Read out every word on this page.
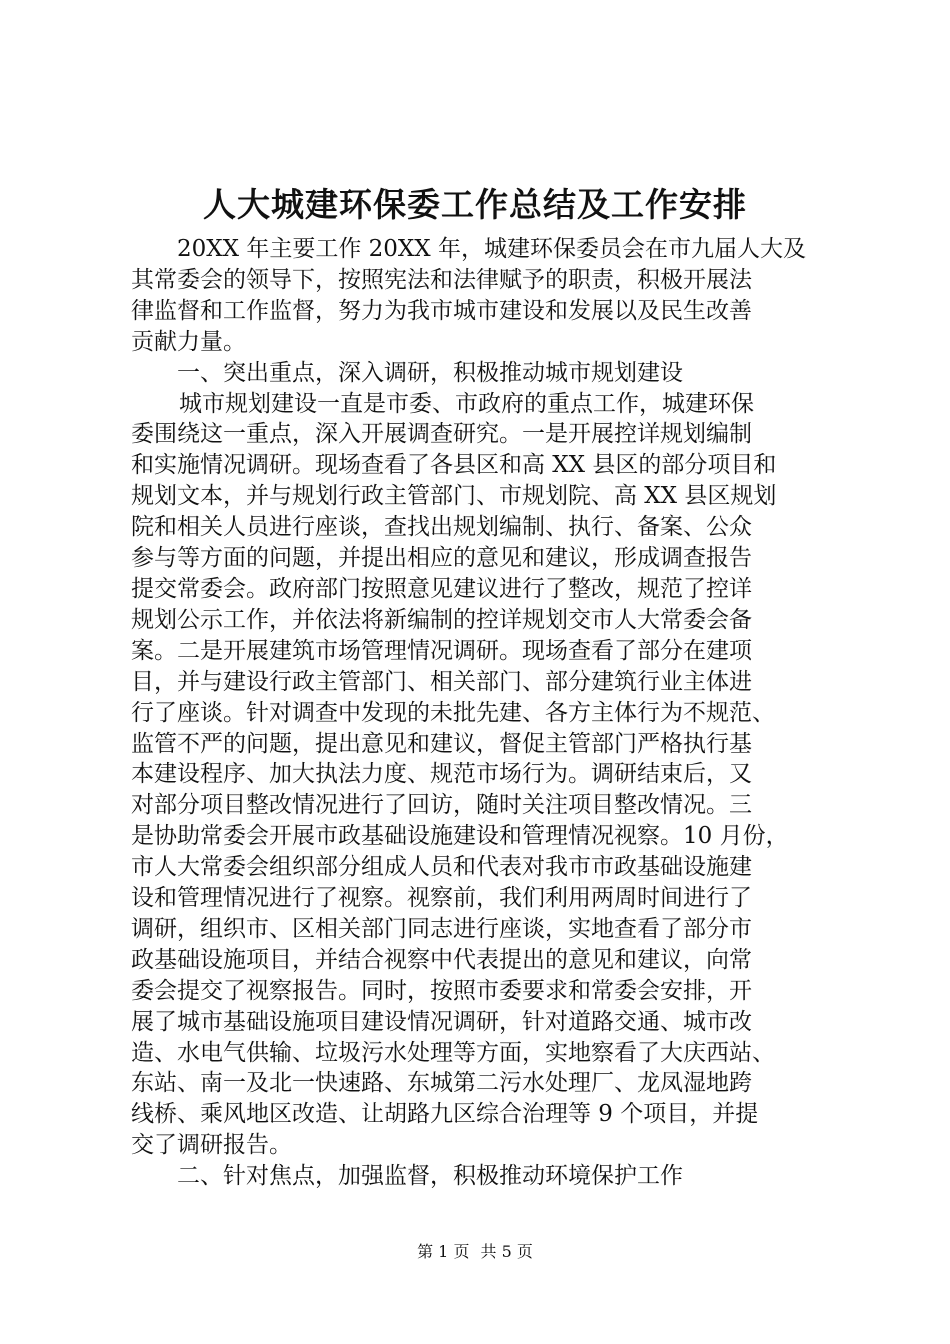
人大城建环保委工作总结及工作安排

20XX 年主要工作 20XX 年，城建环保委员会在市九届人大及
其常委会的领导下，按照宪法和法律赋予的职责，积极开展法
律监督和工作监督，努力为我市城市建设和发展以及民生改善
贡献力量。

一、突出重点，深入调研，积极推动城市规划建设

城市规划建设一直是市委、市政府的重点工作，城建环保
委围绕这一重点，深入开展调查研究。一是开展控详规划编制
和实施情况调研。现场查看了各县区和高 XX 县区的部分项目和
规划文本，并与规划行政主管部门、市规划院、高 XX 县区规划
院和相关人员进行座谈，查找出规划编制、执行、备案、公众
参与等方面的问题，并提出相应的意见和建议，形成调查报告
提交常委会。政府部门按照意见建议进行了整改，规范了控详
规划公示工作，并依法将新编制的控详规划交市人大常委会备
案。二是开展建筑市场管理情况调研。现场查看了部分在建项
目，并与建设行政主管部门、相关部门、部分建筑行业主体进
行了座谈。针对调查中发现的未批先建、各方主体行为不规范、
监管不严的问题，提出意见和建议，督促主管部门严格执行基
本建设程序、加大执法力度、规范市场行为。调研结束后，又
对部分项目整改情况进行了回访，随时关注项目整改情况。三
是协助常委会开展市政基础设施建设和管理情况视察。10 月份，
市人大常委会组织部分组成人员和代表对我市市政基础设施建
设和管理情况进行了视察。视察前，我们利用两周时间进行了
调研，组织市、区相关部门同志进行座谈，实地查看了部分市
政基础设施项目，并结合视察中代表提出的意见和建议，向常
委会提交了视察报告。同时，按照市委要求和常委会安排，开
展了城市基础设施项目建设情况调研，针对道路交通、城市改
造、水电气供输、垃圾污水处理等方面，实地察看了大庆西站、
东站、南一及北一快速路、东城第二污水处理厂、龙凤湿地跨
线桥、乘风地区改造、让胡路九区综合治理等 9 个项目，并提
交了调研报告。

二、针对焦点，加强监督，积极推动环境保护工作

第 1 页 共 5 页
